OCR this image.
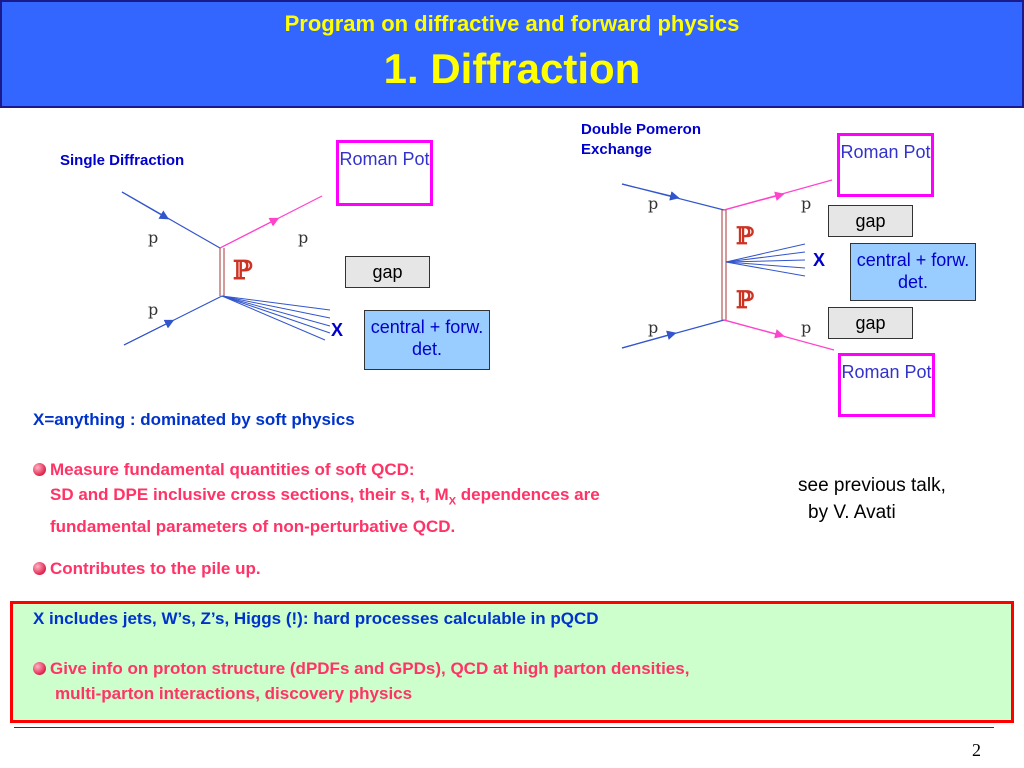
Program on diffractive and forward physics
1. Diffraction
Single Diffraction
p	p
p
ℙ
Roman Pot
gap
X	central + forw. det.
Double Pomeron Exchange
p	p
p	p
ℙ
ℙ
Roman Pot
gap
X	central + forw. det.
gap
Roman Pot
X=anything : dominated by soft physics
Measure fundamental quantities of soft QCD:
SD and DPE inclusive cross sections, their s, t, $M_X$ dependences are
fundamental parameters of non-perturbative QCD.
Contributes to the pile up.
see previous talk,
by V. Avati
X includes jets, W’s, Z’s, Higgs (!): hard processes calculable in pQCD
Give info on proton structure (dPDFs and GPDs), QCD at high parton densities,
multi-parton interactions, discovery physics
2
